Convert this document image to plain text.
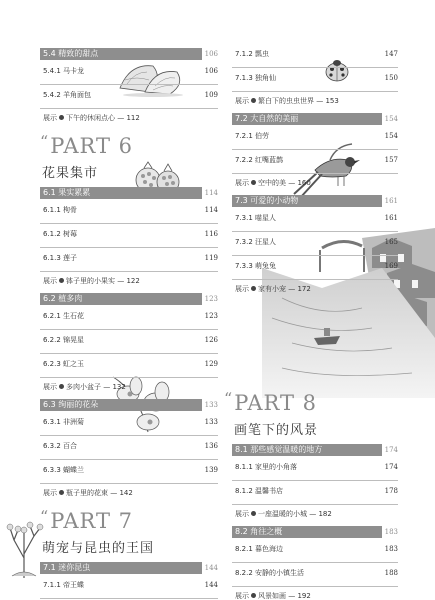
5.4 精致的甜点	106
5.4.1 马卡龙	106
5.4.2 羊角面包	109
展示 下午的休闲点心 — 112
“PART 6
花果集市
6.1 果实累累	114
6.1.1 枸骨	114
6.1.2 树莓	116
6.1.3 莲子	119
展示 钵子里的小果实 — 122
6.2 植多肉	123
6.2.1 生石花	123
6.2.2 锦晃星	126
6.2.3 虹之玉	129
展示 多肉小盆子 — 132
6.3 绚丽的花朵	133
6.3.1 非洲菊	133
6.3.2 百合	136
6.3.3 蝴蝶兰	139
展示 瓶子里的花束 — 142
“PART 7
萌宠与昆虫的王国
7.1 迷你昆虫	144
7.1.1 帝王蝶	144
7.1.2 瓢虫	147
7.1.3 独角仙	150
展示 繁白下的虫虫世界 — 153
7.2 大自然的美丽	154
7.2.1 伯劳	154
7.2.2 红嘴蓝鹊	157
展示 空中的美 — 160
7.3 可爱的小动物	161
7.3.1 喵星人	161
7.3.2 汪星人	165
7.3.3 萌兔兔	169
展示 家有小宠 — 172
“PART 8
画笔下的风景
8.1 那些感觉温暖的地方	174
8.1.1 家里的小角落	174
8.1.2 温馨书店	178
展示 一座温暖的小城 — 182
8.2 角往之概	183
8.2.1 暮色海边	183
8.2.2 安静的小镇生活	188
展示 风景如画 — 192
